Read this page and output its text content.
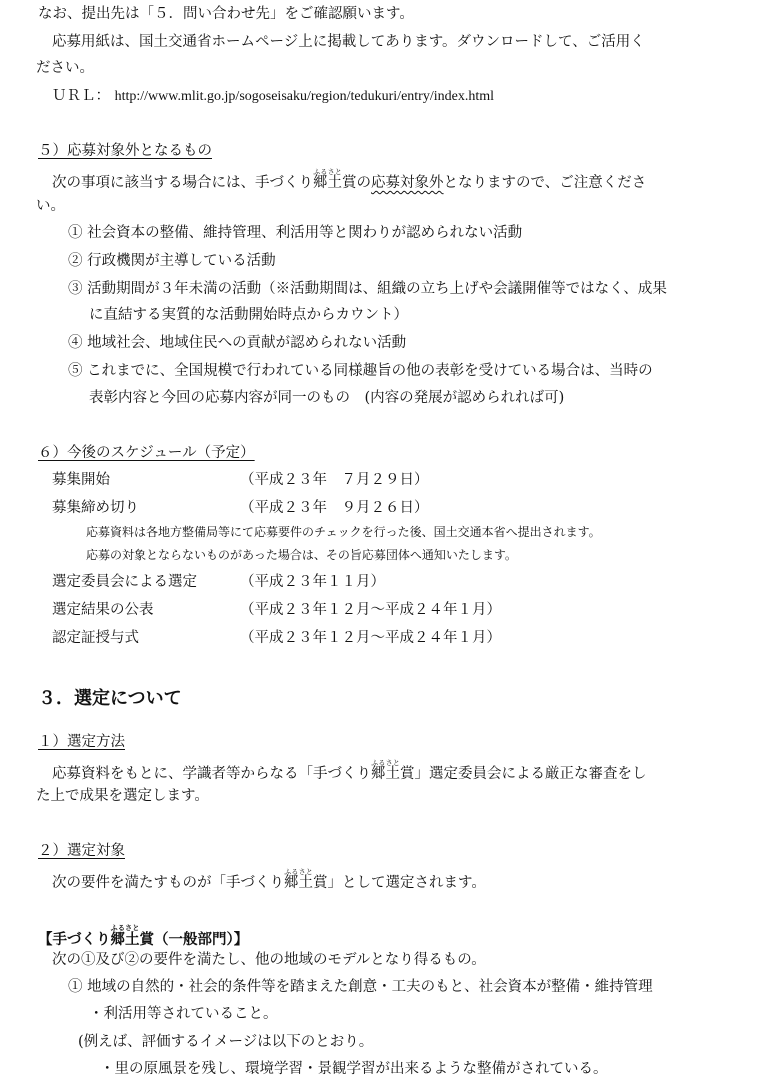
なお、提出先は「５．問い合わせ先」をご確認願います。
応募用紙は、国土交通省ホームページ上に掲載してあります。ダウンロードして、ご活用く
ださい。
ＵＲＬ： http://www.mlit.go.jp/sogoseisaku/region/tedukuri/entry/index.html
５）応募対象外となるもの
次の事項に該当する場合には、手づくり郷土ふるさと賞の応募対象外となりますので、ご注意くださ
い。
① 社会資本の整備、維持管理、利活用等と関わりが認められない活動
② 行政機関が主導している活動
③ 活動期間が３年未満の活動（※活動期間は、組織の立ち上げや会議開催等ではなく、成果
に直結する実質的な活動開始時点からカウント）
④ 地域社会、地域住民への貢献が認められない活動
⑤ これまでに、全国規模で行われている同様趣旨の他の表彰を受けている場合は、当時の
表彰内容と今回の応募内容が同一のもの　(内容の発展が認められれば可)
６）今後のスケジュール（予定）
募集開始	（平成２３年　７月２９日）
募集締め切り	（平成２３年　９月２６日）
応募資料は各地方整備局等にて応募要件のチェックを行った後、国土交通本省へ提出されます。
応募の対象とならないものがあった場合は、その旨応募団体へ通知いたします。
選定委員会による選定	（平成２３年１１月）
選定結果の公表	（平成２３年１２月～平成２４年１月）
認定証授与式	（平成２３年１２月～平成２４年１月）
３．選定について
１）選定方法
応募資料をもとに、学識者等からなる「手づくり郷土ふるさと賞」選定委員会による厳正な審査をし
た上で成果を選定します。
２）選定対象
次の要件を満たすものが「手づくり郷土ふるさと賞」として選定されます。
【手づくり郷土ふるさと賞（一般部門）】
次の①及び②の要件を満たし、他の地域のモデルとなり得るもの。
① 地域の自然的・社会的条件等を踏まえた創意・工夫のもと、社会資本が整備・維持管理
・利活用等されていること。
(例えば、評価するイメージは以下のとおり。
・里の原風景を残し、環境学習・景観学習が出来るような整備がされている。
